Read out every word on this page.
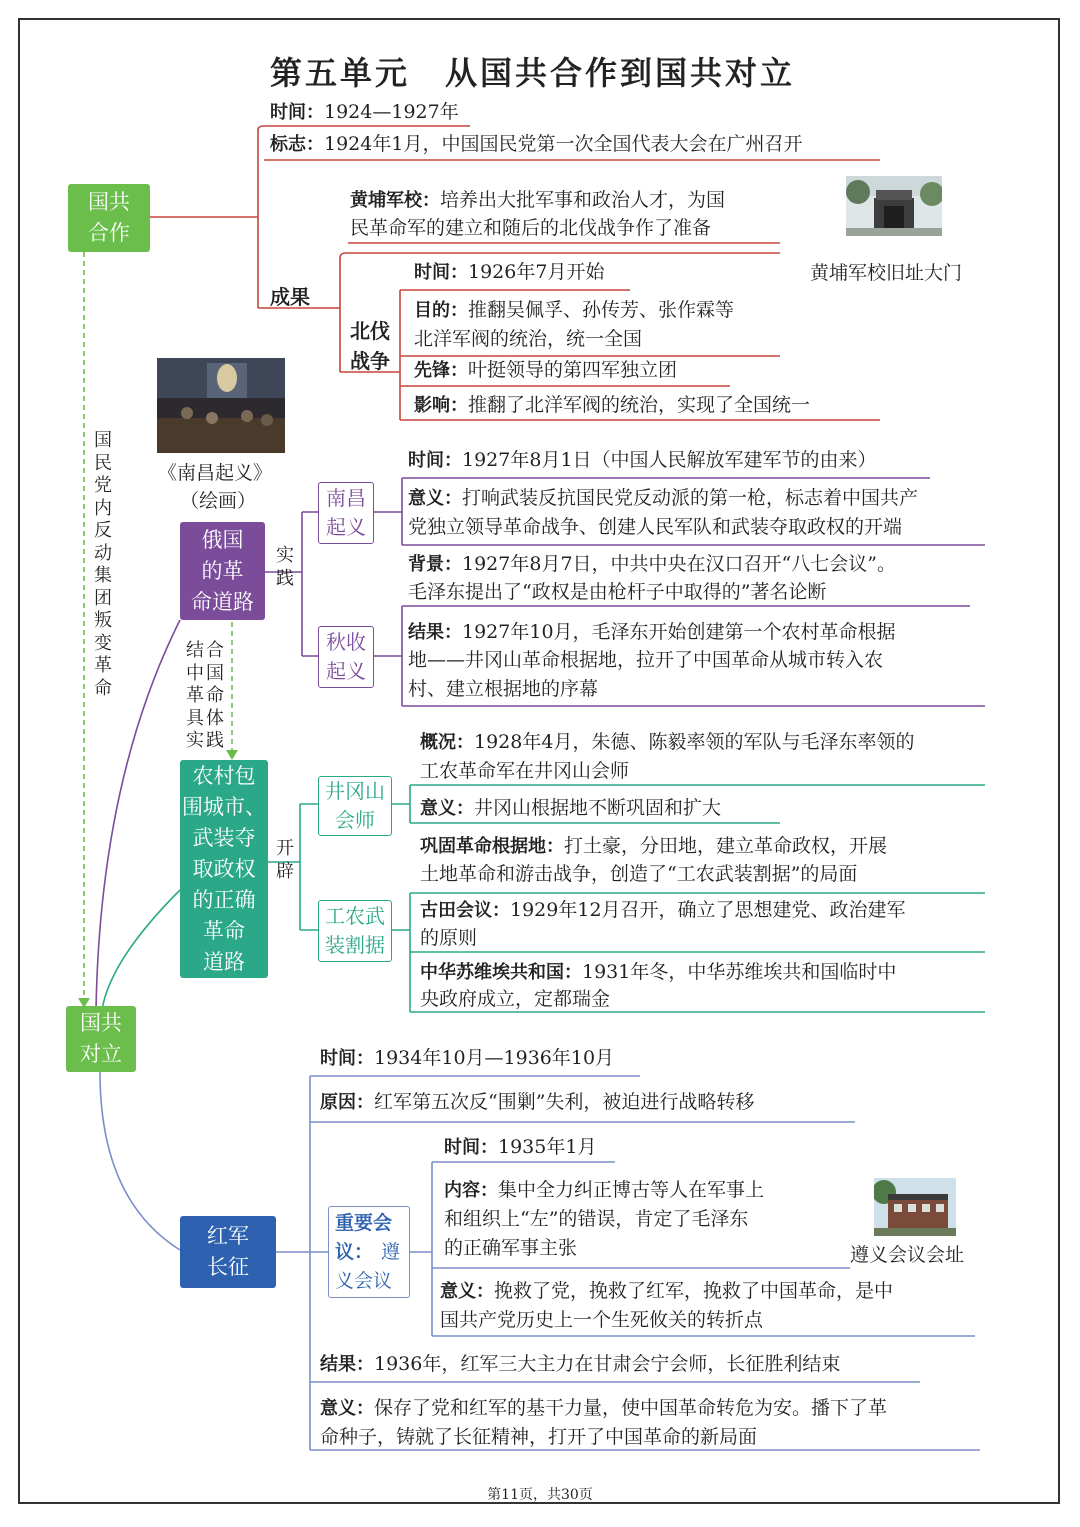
第五单元　从国共合作到国共对立
国共
合作
俄国
的革
命道路
农村包
围城市、
武装夺
取政权
的正确
革命
道路
国共
对立
红军
长征
国民党内反动集团叛变革命
实践
开辟
结合中国革命具体实践

时间：1924—1927年

标志：1924年1月，中国国民党第一次全国代表大会在广州召开

成果

黄埔军校：培养出大批军事和政治人才，为国

民革命军的建立和随后的北伐战争作了准备

黄埔军校旧址大门
北伐
战争

时间：1926年7月开始

目的：推翻吴佩孚、孙传芳、张作霖等

北洋军阀的统治，统一全国

先锋：叶挺领导的第四军独立团

影响：推翻了北洋军阀的统治，实现了全国统一

《南昌起义》
（绘画）	南昌
起义

时间：1927年8月1日（中国人民解放军建军节的由来）

意义：打响武装反抗国民党反动派的第一枪，标志着中国共产

党独立领导革命战争、创建人民军队和武装夺取政权的开端

秋收
起义

背景：1927年8月7日，中共中央在汉口召开“八七会议”。

毛泽东提出了“政权是由枪杆子中取得的”著名论断

结果：1927年10月，毛泽东开始创建第一个农村革命根据

地——井冈山革命根据地，拉开了中国革命从城市转入农

村、建立根据地的序幕

井冈山
会师

概况：1928年4月，朱德、陈毅率领的军队与毛泽东率领的

工农革命军在井冈山会师

意义：井冈山根据地不断巩固和扩大

工农武
装割据

巩固革命根据地：打土豪，分田地，建立革命政权，开展

土地革命和游击战争，创造了“工农武装割据”的局面

古田会议：1929年12月召开，确立了思想建党、政治建军

的原则

中华苏维埃共和国：1931年冬，中华苏维埃共和国临时中

央政府成立，定都瑞金

时间：1934年10月—1936年10月

原因：红军第五次反“围剿”失利，被迫进行战略转移

重要会
议： 遵
义会议

时间：1935年1月

内容：集中全力纠正博古等人在军事上

和组织上“左”的错误，肯定了毛泽东

的正确军事主张	遵义会议会址

意义：挽救了党，挽救了红军，挽救了中国革命，是中

国共产党历史上一个生死攸关的转折点

结果：1936年，红军三大主力在甘肃会宁会师，长征胜利结束

意义：保存了党和红军的基干力量，使中国革命转危为安。播下了革

命种子，铸就了长征精神，打开了中国革命的新局面

第11页，共30页
